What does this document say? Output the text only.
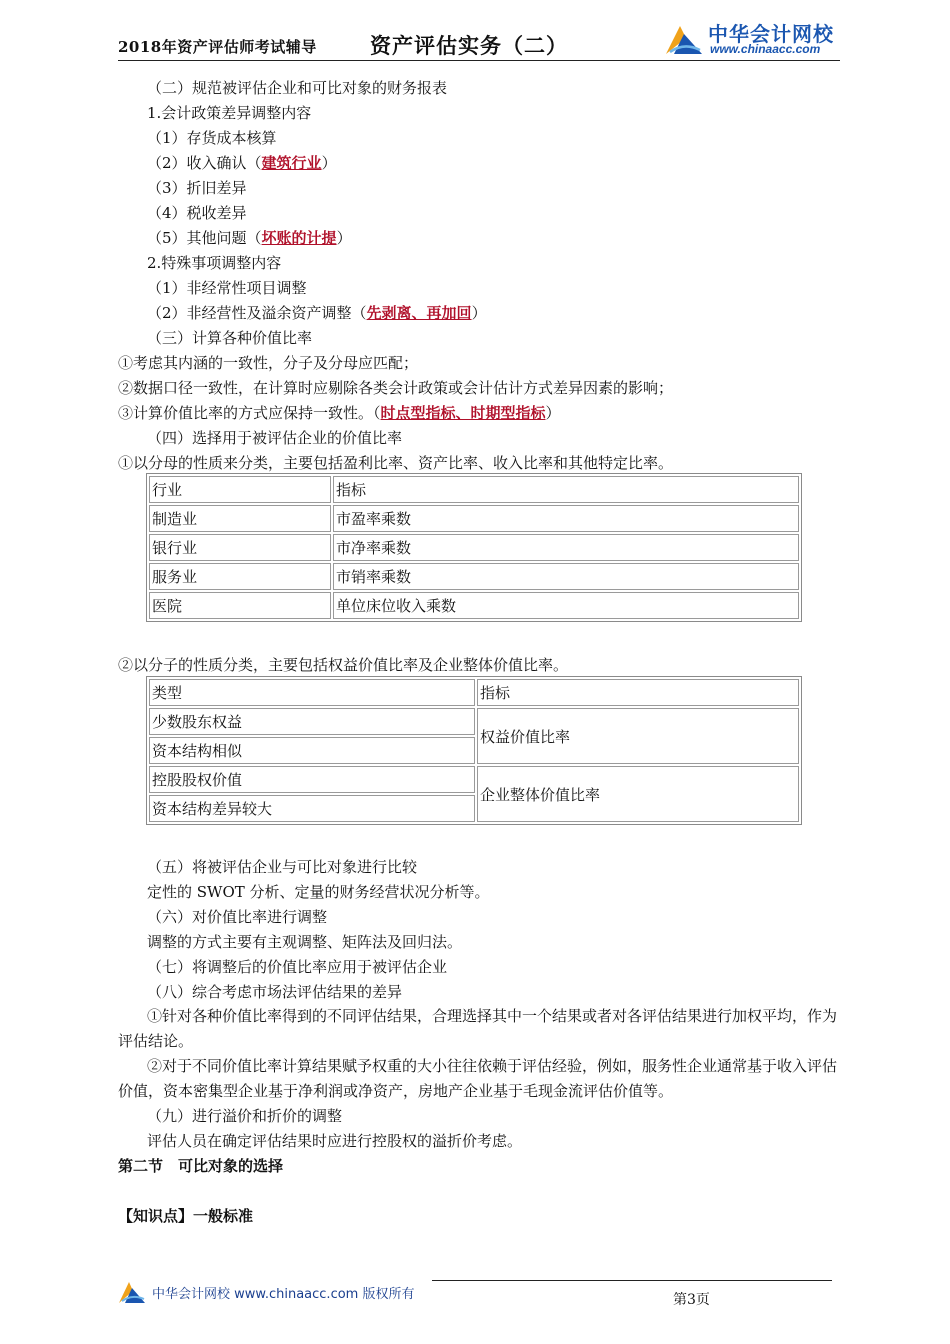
2018年资产评估师考试辅导	资产评估实务（二）	中华会计网校
www.chinaacc.com
（二）规范被评估企业和可比对象的财务报表
1.会计政策差异调整内容
（1）存货成本核算
（2）收入确认（建筑行业）
（3）折旧差异
（4）税收差异
（5）其他问题（坏账的计提）
2.特殊事项调整内容
（1）非经常性项目调整
（2）非经营性及溢余资产调整（先剥离、再加回）
（三）计算各种价值比率
①考虑其内涵的一致性，分子及分母应匹配；
②数据口径一致性，在计算时应剔除各类会计政策或会计估计方式差异因素的影响；
③计算价值比率的方式应保持一致性。（时点型指标、时期型指标）
（四）选择用于被评估企业的价值比率
①以分母的性质来分类，主要包括盈利比率、资产比率、收入比率和其他特定比率。
行业	指标
制造业	市盈率乘数
银行业	市净率乘数
服务业	市销率乘数
医院	单位床位收入乘数
②以分子的性质分类，主要包括权益价值比率及企业整体价值比率。
类型	指标
少数股东权益	权益价值比率
资本结构相似	
控股股权价值	企业整体价值比率
资本结构差异较大	
（五）将被评估企业与可比对象进行比较
定性的 SWOT 分析、定量的财务经营状况分析等。
（六）对价值比率进行调整
调整的方式主要有主观调整、矩阵法及回归法。
（七）将调整后的价值比率应用于被评估企业
（八）综合考虑市场法评估结果的差异
①针对各种价值比率得到的不同评估结果，合理选择其中一个结果或者对各评估结果进行加权平均，作为评估结论。
②对于不同价值比率计算结果赋予权重的大小往往依赖于评估经验，例如，服务性企业通常基于收入评估价值，资本密集型企业基于净利润或净资产，房地产企业基于毛现金流评估价值等。
（九）进行溢价和折价的调整
评估人员在确定评估结果时应进行控股权的溢折价考虑。
第二节　可比对象的选择
【知识点】一般标准
中华会计网校 www.chinaacc.com 版权所有	第3页
